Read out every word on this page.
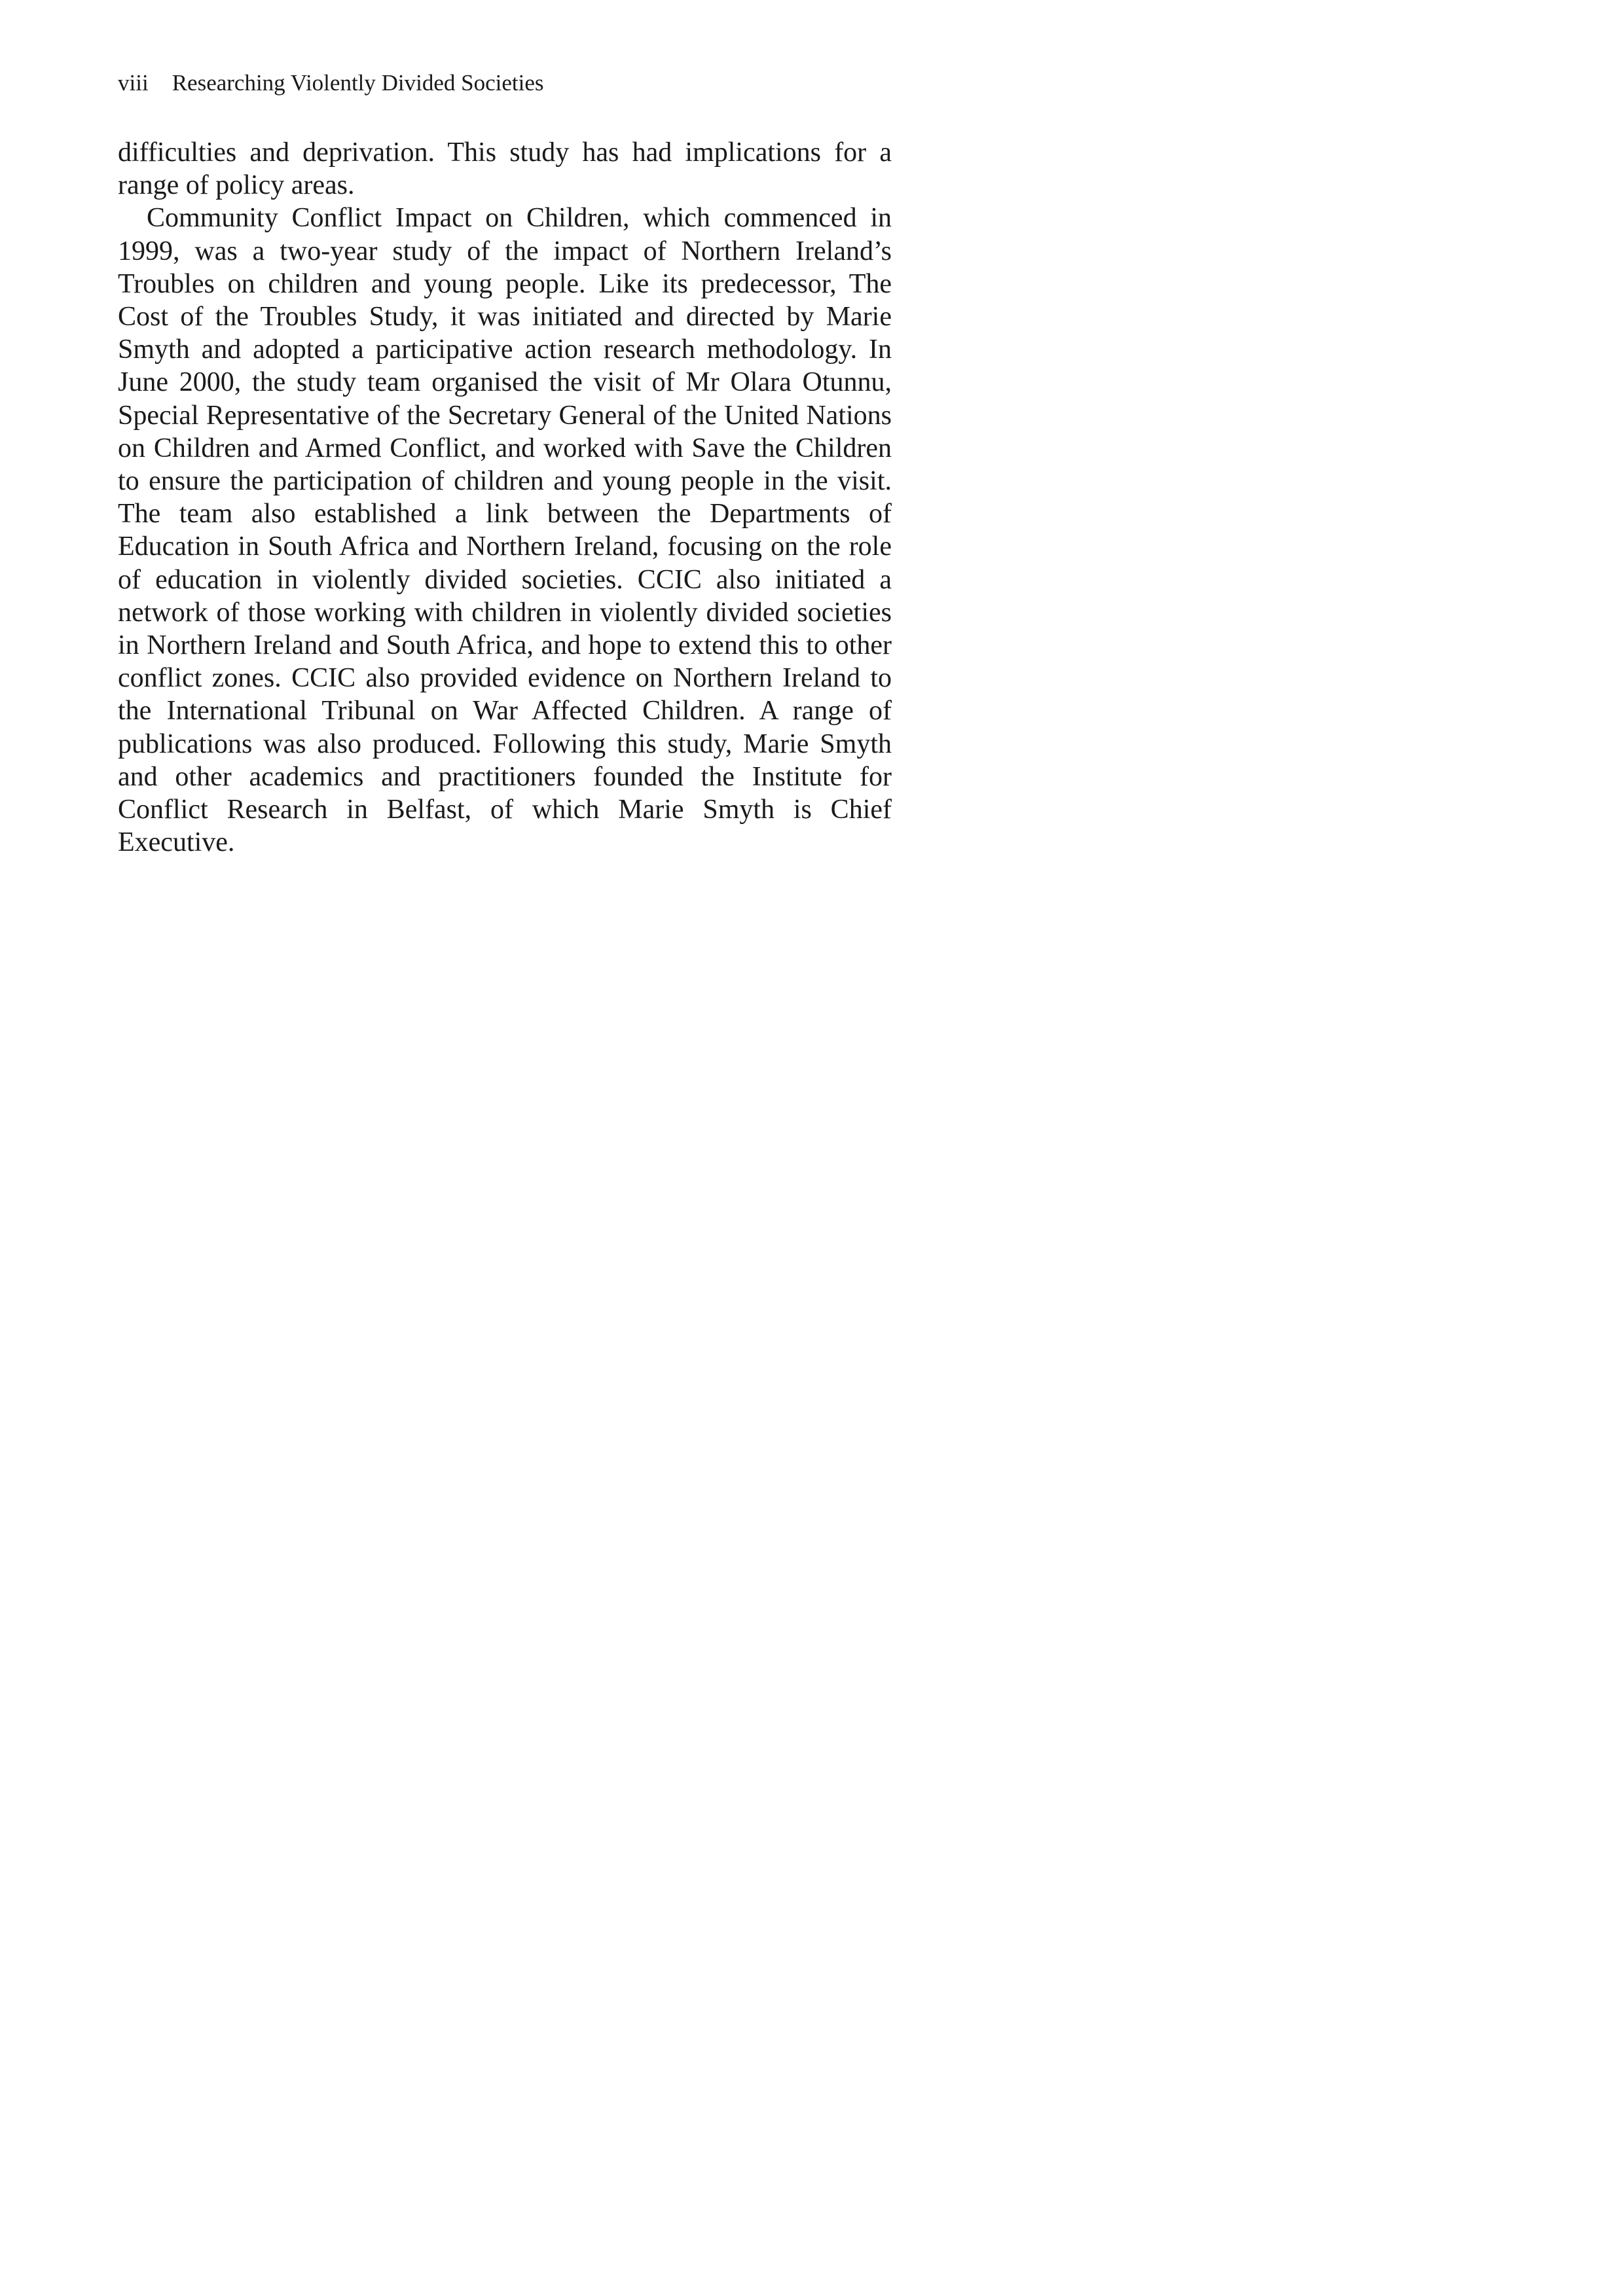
viii Researching Violently Divided Societies

difficulties and deprivation. This study has had implications for a range of policy areas.

Community Conflict Impact on Children, which commenced in 1999, was a two-year study of the impact of Northern Ireland’s Troubles on children and young people. Like its predecessor, The Cost of the Troubles Study, it was initiated and directed by Marie Smyth and adopted a participative action research methodology. In June 2000, the study team organised the visit of Mr Olara Otunnu, Special Representative of the Secretary General of the United Nations on Children and Armed Conflict, and worked with Save the Children to ensure the participation of children and young people in the visit. The team also established a link between the Departments of Education in South Africa and Northern Ireland, focusing on the role of education in violently divided societies. CCIC also initiated a network of those working with children in violently divided societies in Northern Ireland and South Africa, and hope to extend this to other conflict zones. CCIC also provided evidence on Northern Ireland to the International Tribunal on War Affected Children. A range of publications was also produced. Following this study, Marie Smyth and other academics and practitioners founded the Institute for Conflict Research in Belfast, of which Marie Smyth is Chief Executive.
